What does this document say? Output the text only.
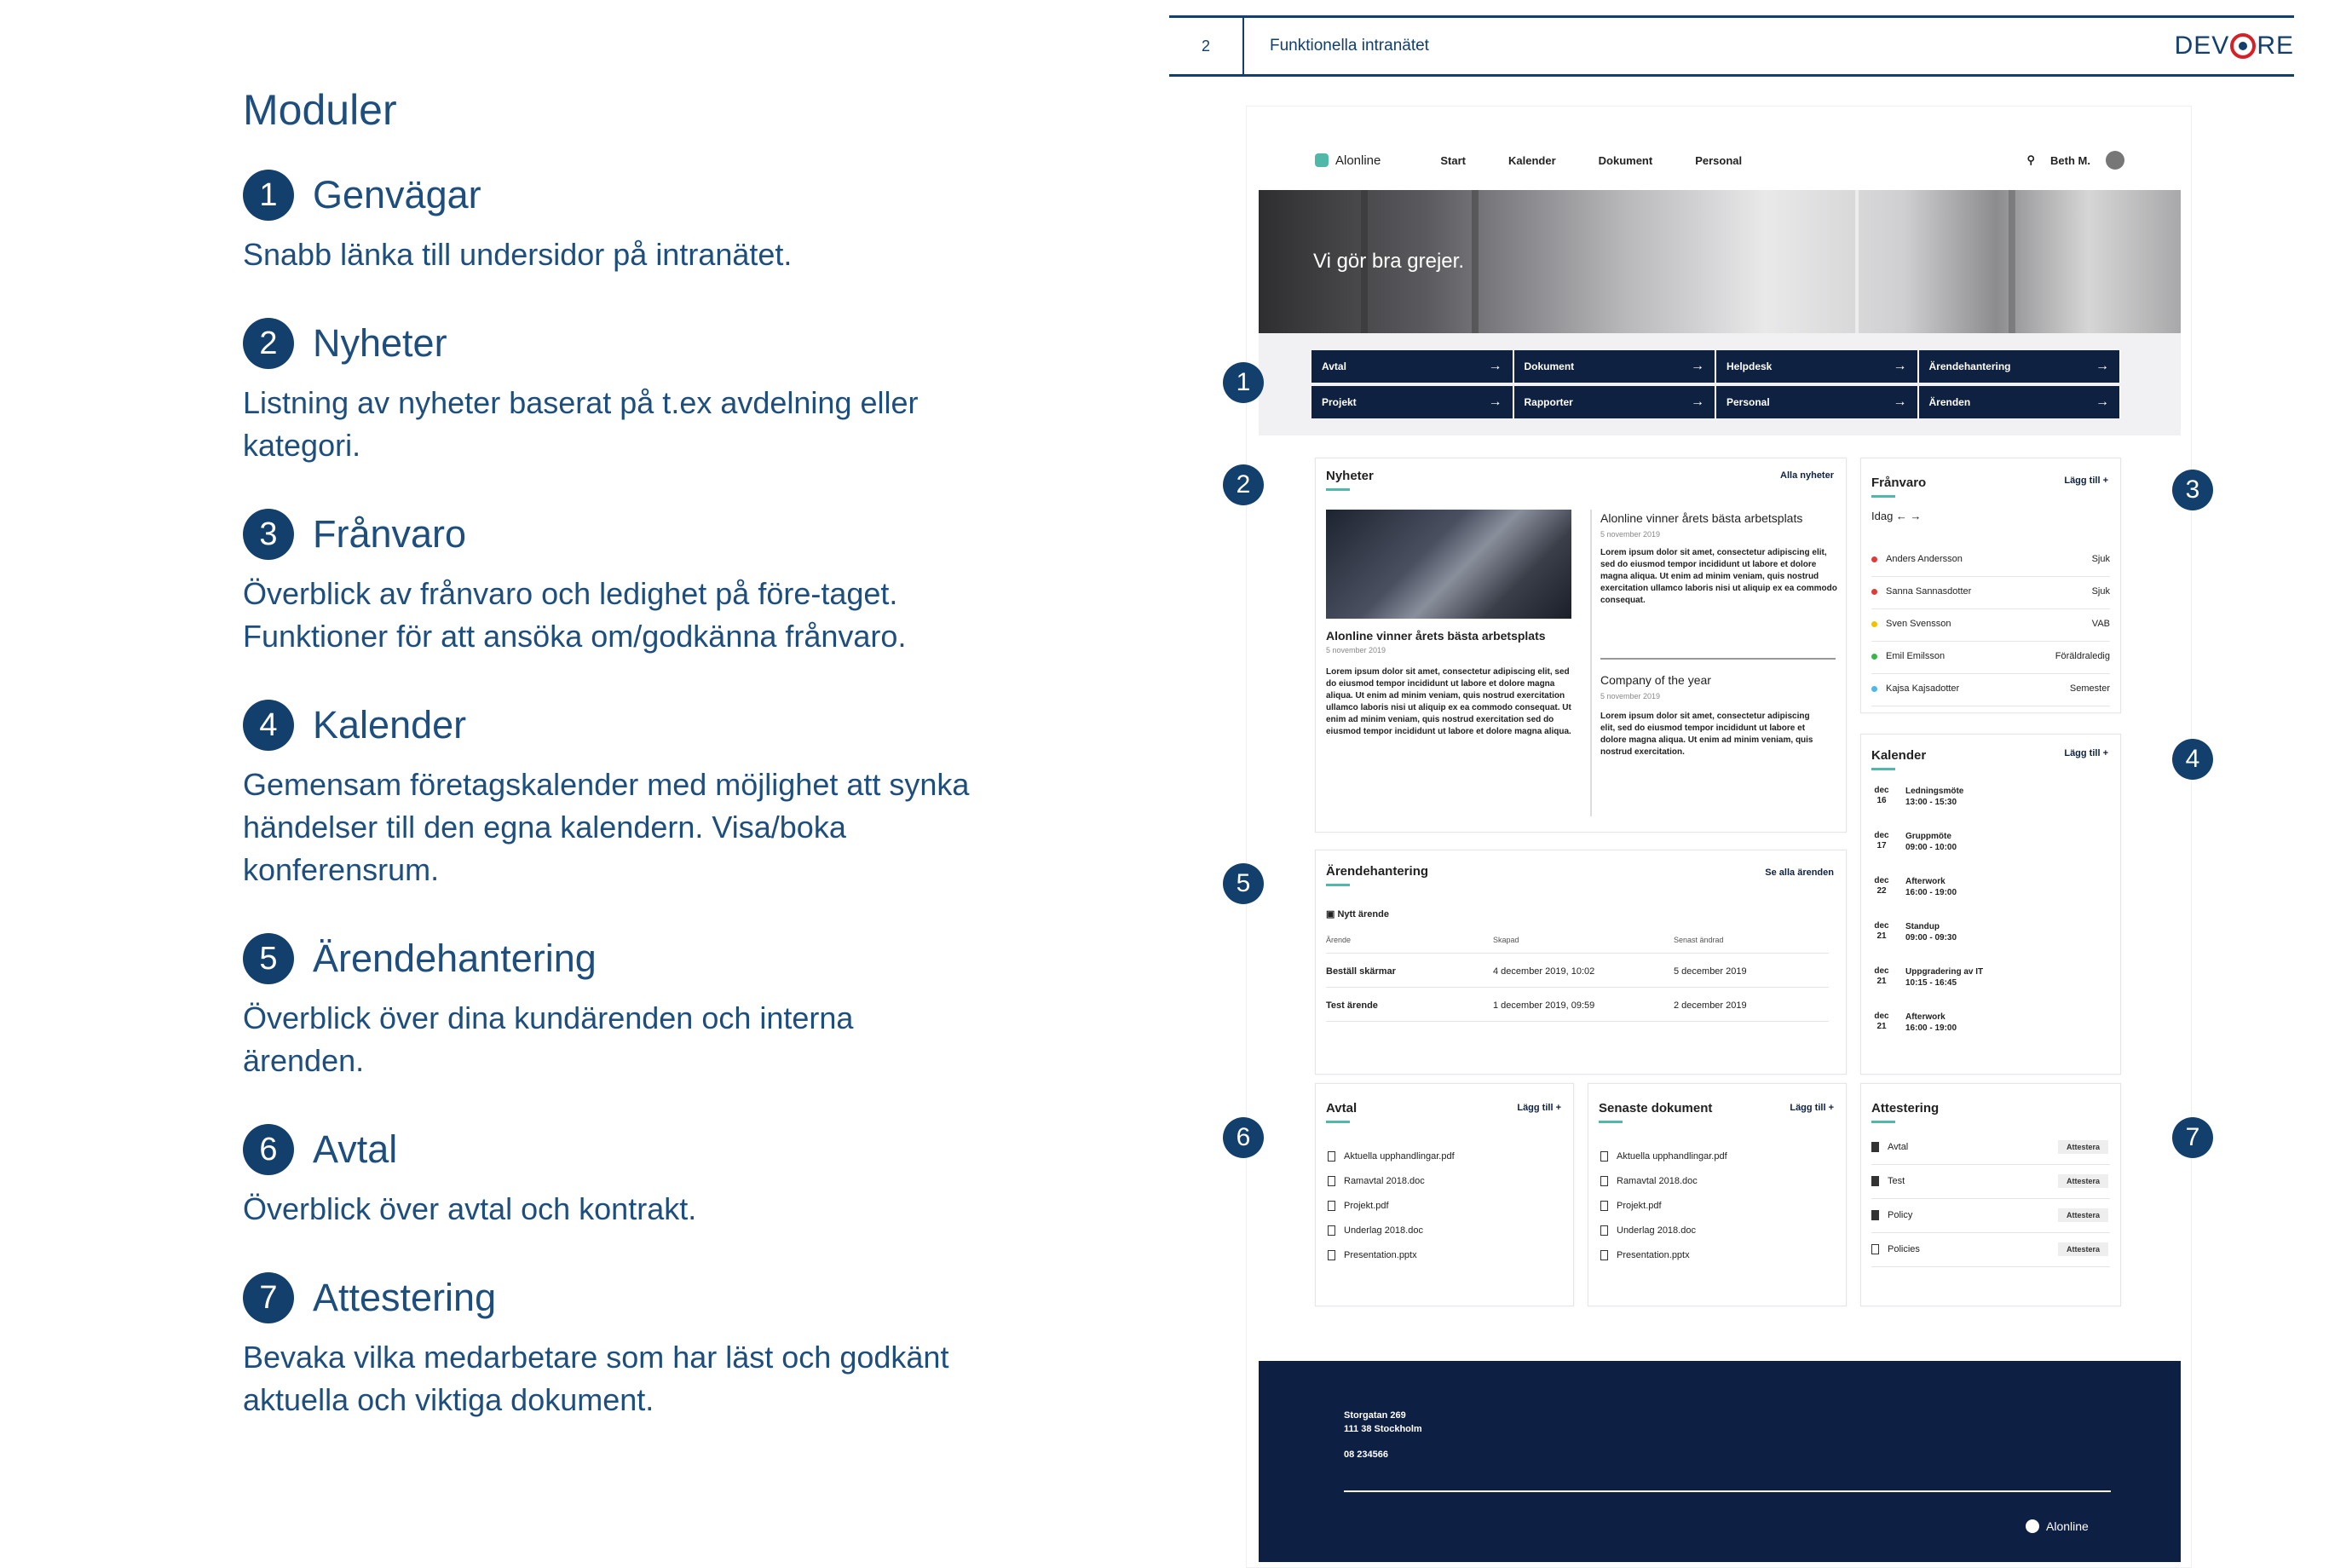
Moduler
1 Genvägar
Snabb länka till undersidor på intranätet.
2 Nyheter
Listning av nyheter baserat på t.ex avdelning eller kategori.
3 Frånvaro
Överblick av frånvaro och ledighet på före-taget. Funktioner för att ansöka om/godkänna frånvaro.
4 Kalender
Gemensam företagskalender med möjlighet att synka händelser till den egna kalendern. Visa/boka konferensrum.
5 Ärendehantering
Överblick över dina kundärenden och interna ärenden.
6 Avtal
Överblick över avtal och kontrakt.
7 Attestering
Bevaka vilka medarbetare som har läst och godkänt aktuella och viktiga dokument.
2	Funktionella intranätet	DEV RE
Alonline	Start	Kalender	Dokument	Personal	⚲ Beth M.
Vi gör bra grejer.
Avtal	→ Dokument	→ Helpdesk	→ Ärendehantering	→
Projekt	→ Rapporter	→ Personal	→ Ärenden	→
1
2	3
4
5
6	7
Nyheter	Alla nyheter
Alonline vinner årets bästa arbetsplats
5 november 2019
Lorem ipsum dolor sit amet, consectetur adipiscing elit, sed do eiusmod tempor incididunt ut labore et dolore magna aliqua. Ut enim ad minim veniam, quis nostrud exercitation ullamco laboris nisi ut aliquip ex ea commodo consequat. Ut enim ad minim veniam, quis nostrud exercitation sed do eiusmod tempor incididunt ut labore et dolore magna aliqua.
Alonline vinner årets bästa arbetsplats
5 november 2019
Lorem ipsum dolor sit amet, consectetur adipiscing elit, sed do eiusmod tempor incididunt ut labore et dolore magna aliqua. Ut enim ad minim veniam, quis nostrud exercitation ullamco laboris nisi ut aliquip ex ea commodo consequat.
Company of the year
5 november 2019
Lorem ipsum dolor sit amet, consectetur adipiscing elit, sed do eiusmod tempor incididunt ut labore et dolore magna aliqua. Ut enim ad minim veniam, quis nostrud exercitation.
Frånvaro	Lägg till +
Idag ← →
Anders Andersson	Sjuk
Sanna Sannasdotter	Sjuk
Sven Svensson	VAB
Emil Emilsson	Föräldraledig
Kajsa Kajsadotter	Semester
Kalender	Lägg till +
dec
16
Ledningsmöte
13:00 - 15:30
dec
17
Gruppmöte
09:00 - 10:00
dec
22
Afterwork
16:00 - 19:00
dec
21
Standup
09:00 - 09:30
dec
21
Uppgradering av IT
10:15 - 16:45
dec
21
Afterwork
16:00 - 19:00
Ärendehantering	Se alla ärenden
▣ Nytt ärende
Ärende	Skapad	Senast ändrad
Beställ skärmar	4 december 2019, 10:02	5 december 2019
Test ärende	1 december 2019, 09:59	2 december 2019
Avtal	Lägg till +
Aktuella upphandlingar.pdf
Ramavtal 2018.doc
Projekt.pdf
Underlag 2018.doc
Presentation.pptx
Senaste dokument	Lägg till +
Aktuella upphandlingar.pdf
Ramavtal 2018.doc
Projekt.pdf
Underlag 2018.doc
Presentation.pptx
Attestering
Avtal	Attestera
Test	Attestera
Policy	Attestera
Policies	Attestera
Storgatan 269
111 38 Stockholm
08 234566
Alonline
